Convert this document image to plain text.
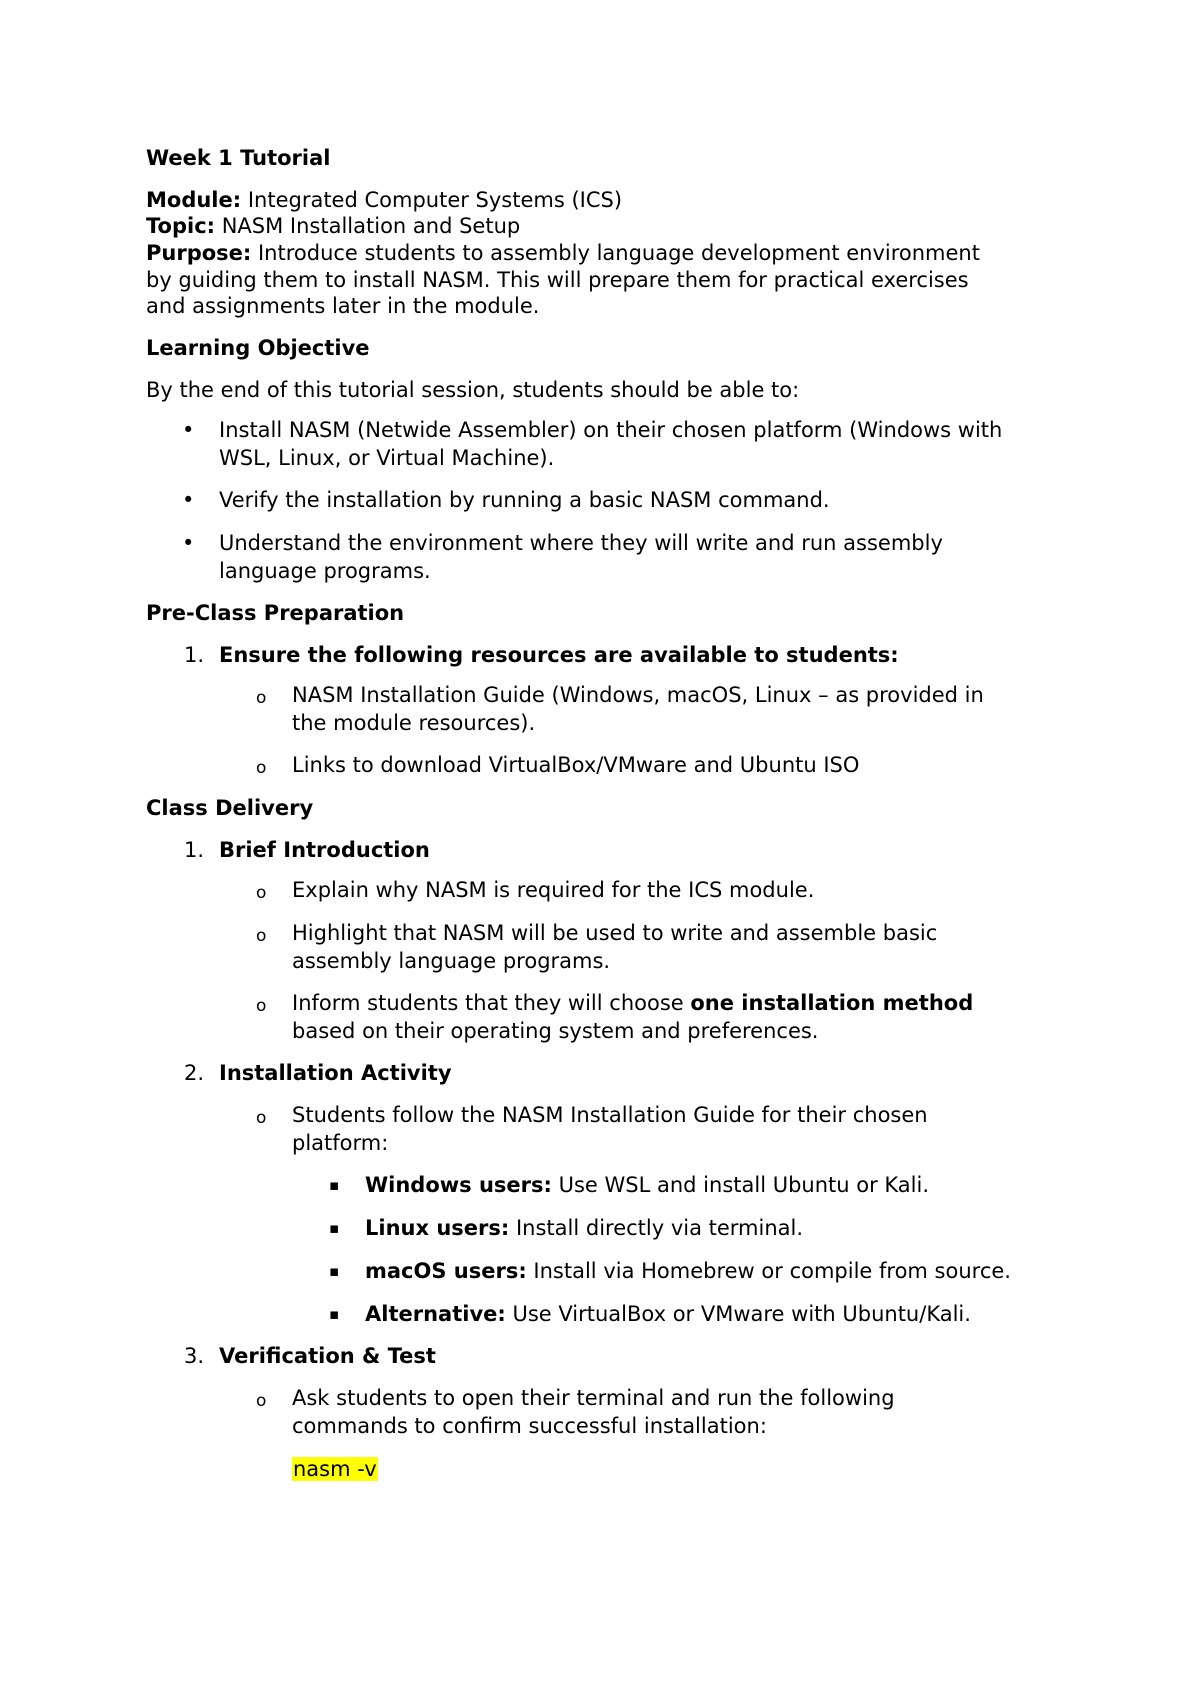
Week 1 Tutorial
Module: Integrated Computer Systems (ICS)
Topic: NASM Installation and Setup
Purpose: Introduce students to assembly language development environment
by guiding them to install NASM. This will prepare them for practical exercises
and assignments later in the module.
Learning Objective
By the end of this tutorial session, students should be able to:
• Install NASM (Netwide Assembler) on their chosen platform (Windows with
WSL, Linux, or Virtual Machine).
• Verify the installation by running a basic NASM command.
• Understand the environment where they will write and run assembly
language programs.
Pre-Class Preparation
1. Ensure the following resources are available to students:
o NASM Installation Guide (Windows, macOS, Linux – as provided in
the module resources).
o Links to download VirtualBox/VMware and Ubuntu ISO
Class Delivery
1. Brief Introduction
o Explain why NASM is required for the ICS module.
o Highlight that NASM will be used to write and assemble basic
assembly language programs.
o Inform students that they will choose one installation method
based on their operating system and preferences.
2. Installation Activity
o Students follow the NASM Installation Guide for their chosen
platform:
▪ Windows users: Use WSL and install Ubuntu or Kali.
▪ Linux users: Install directly via terminal.
▪ macOS users: Install via Homebrew or compile from source.
▪ Alternative: Use VirtualBox or VMware with Ubuntu/Kali.
3. Verification & Test
o Ask students to open their terminal and run the following
commands to confirm successful installation:
nasm -v
